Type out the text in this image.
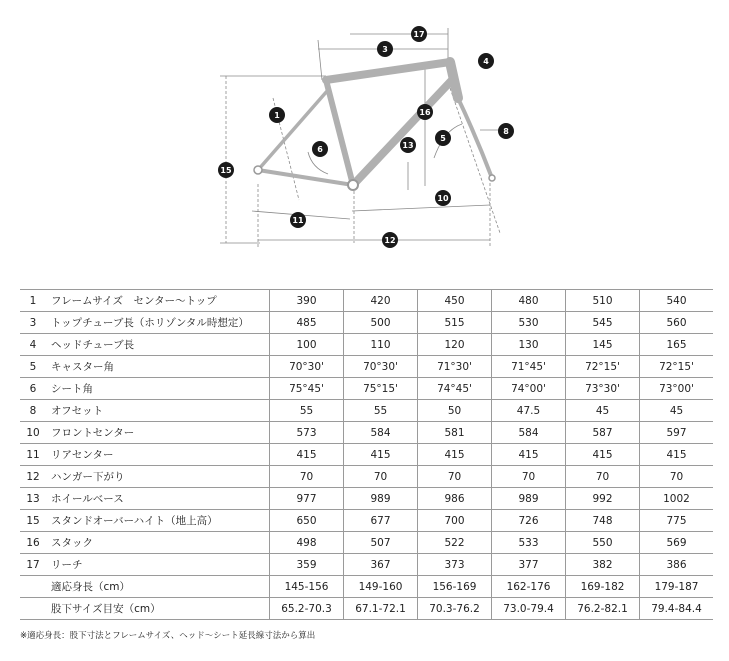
17
3
4
1	16
5
8
6	13
15
10
11
12
1	フレームサイズ　センター〜トップ	390	420	450	480	510	540
3	トップチューブ長（ホリゾンタル時想定）	485	500	515	530	545	560
4	ヘッドチューブ長	100	110	120	130	145	165
5	キャスター角	70°30'	70°30'	71°30'	71°45'	72°15'	72°15'
6	シート角	75°45'	75°15'	74°45'	74°00'	73°30'	73°00'
8	オフセット	55	55	50	47.5	45	45
10	フロントセンター	573	584	581	584	587	597
11	リアセンター	415	415	415	415	415	415
12	ハンガー下がり	70	70	70	70	70	70
13	ホイールベース	977	989	986	989	992	1002
15	スタンドオーバーハイト（地上高）	650	677	700	726	748	775
16	スタック	498	507	522	533	550	569
17	リーチ	359	367	373	377	382	386
	適応身長（cm）	145-156	149-160	156-169	162-176	169-182	179-187
	股下サイズ目安（cm）	65.2-70.3	67.1-72.1	70.3-76.2	73.0-79.4	76.2-82.1	79.4-84.4
※適応身長：股下寸法とフレームサイズ、ヘッド〜シート延長線寸法から算出
